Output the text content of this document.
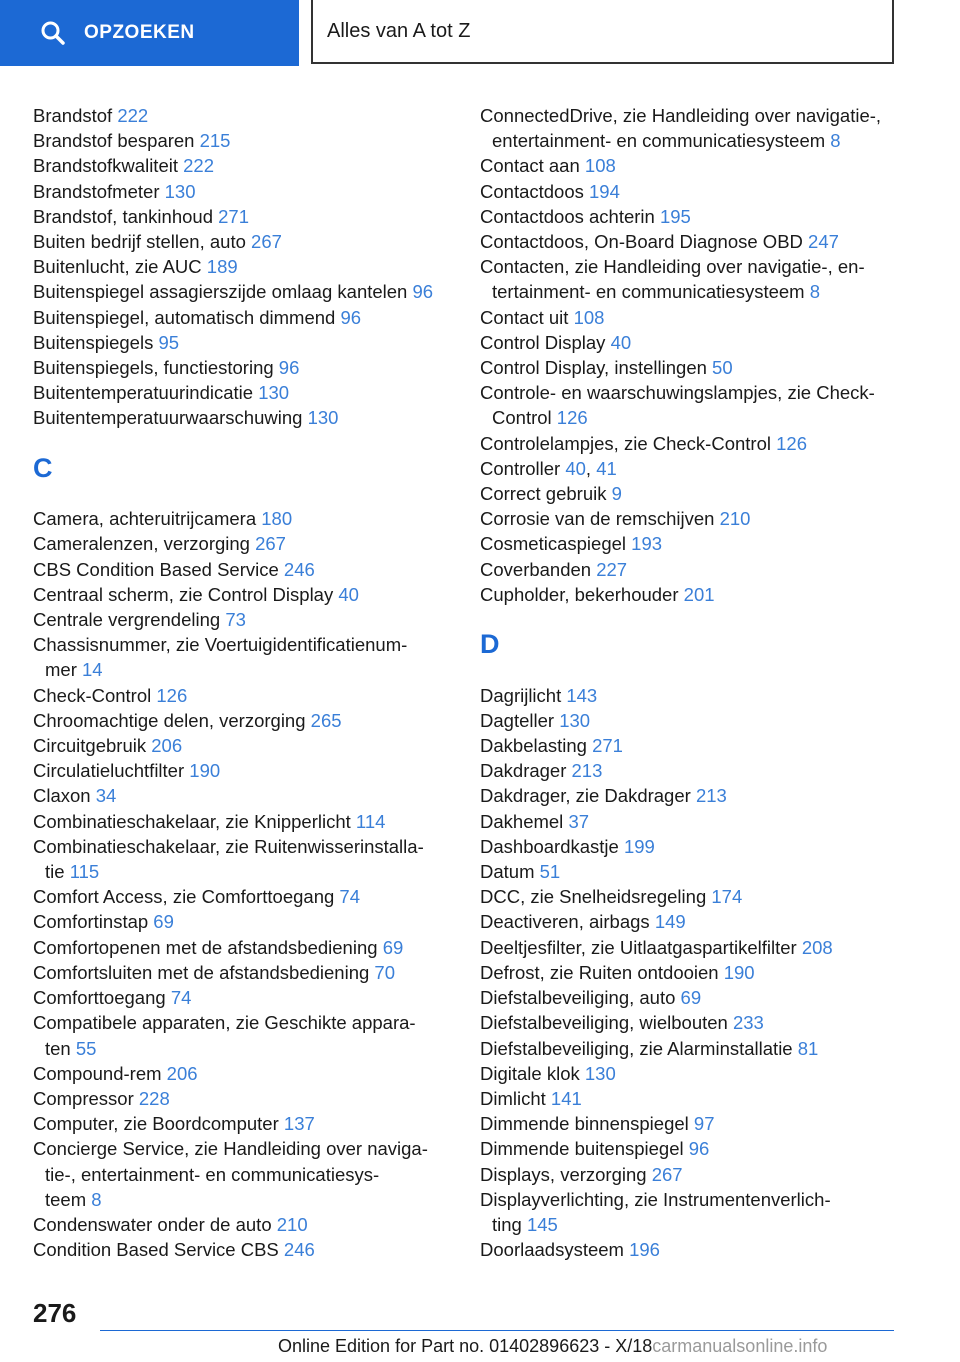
OPZOEKEN	Alles van A tot Z
Brandstof 222
Brandstof besparen 215
Brandstofkwaliteit 222
Brandstofmeter 130
Brandstof, tankinhoud 271
Buiten bedrijf stellen, auto 267
Buitenlucht, zie AUC 189
Buitenspiegel assagierszijde omlaag kantelen 96
Buitenspiegel, automatisch dimmend 96
Buitenspiegels 95
Buitenspiegels, functiestoring 96
Buitentemperatuurindicatie 130
Buitentemperatuurwaarschuwing 130
C
Camera, achteruitrijcamera 180
Cameralenzen, verzorging 267
CBS Condition Based Service 246
Centraal scherm, zie Control Display 40
Centrale vergrendeling 73
Chassisnummer, zie Voertuigidentificatienum-
mer 14
Check-Control 126
Chroomachtige delen, verzorging 265
Circuitgebruik 206
Circulatieluchtfilter 190
Claxon 34
Combinatieschakelaar, zie Knipperlicht 114
Combinatieschakelaar, zie Ruitenwisserinstalla-
tie 115
Comfort Access, zie Comforttoegang 74
Comfortinstap 69
Comfortopenen met de afstandsbediening 69
Comfortsluiten met de afstandsbediening 70
Comforttoegang 74
Compatibele apparaten, zie Geschikte appara-
ten 55
Compound-rem 206
Compressor 228
Computer, zie Boordcomputer 137
Concierge Service, zie Handleiding over naviga-
tie-, entertainment- en communicatiesys-
teem 8
Condenswater onder de auto 210
Condition Based Service CBS 246
ConnectedDrive, zie Handleiding over navigatie-,
entertainment- en communicatiesysteem 8
Contact aan 108
Contactdoos 194
Contactdoos achterin 195
Contactdoos, On-Board Diagnose OBD 247
Contacten, zie Handleiding over navigatie-, en-
tertainment- en communicatiesysteem 8
Contact uit 108
Control Display 40
Control Display, instellingen 50
Controle- en waarschuwingslampjes, zie Check-
Control 126
Controlelampjes, zie Check-Control 126
Controller 40, 41
Correct gebruik 9
Corrosie van de remschijven 210
Cosmeticaspiegel 193
Coverbanden 227
Cupholder, bekerhouder 201
D
Dagrijlicht 143
Dagteller 130
Dakbelasting 271
Dakdrager 213
Dakdrager, zie Dakdrager 213
Dakhemel 37
Dashboardkastje 199
Datum 51
DCC, zie Snelheidsregeling 174
Deactiveren, airbags 149
Deeltjesfilter, zie Uitlaatgaspartikelfilter 208
Defrost, zie Ruiten ontdooien 190
Diefstalbeveiliging, auto 69
Diefstalbeveiliging, wielbouten 233
Diefstalbeveiliging, zie Alarminstallatie 81
Digitale klok 130
Dimlicht 141
Dimmende binnenspiegel 97
Dimmende buitenspiegel 96
Displays, verzorging 267
Displayverlichting, zie Instrumentenverlich-
ting 145
Doorlaadsysteem 196
276
Online Edition for Part no. 01402896623 - X/18carmanualsonline.info
